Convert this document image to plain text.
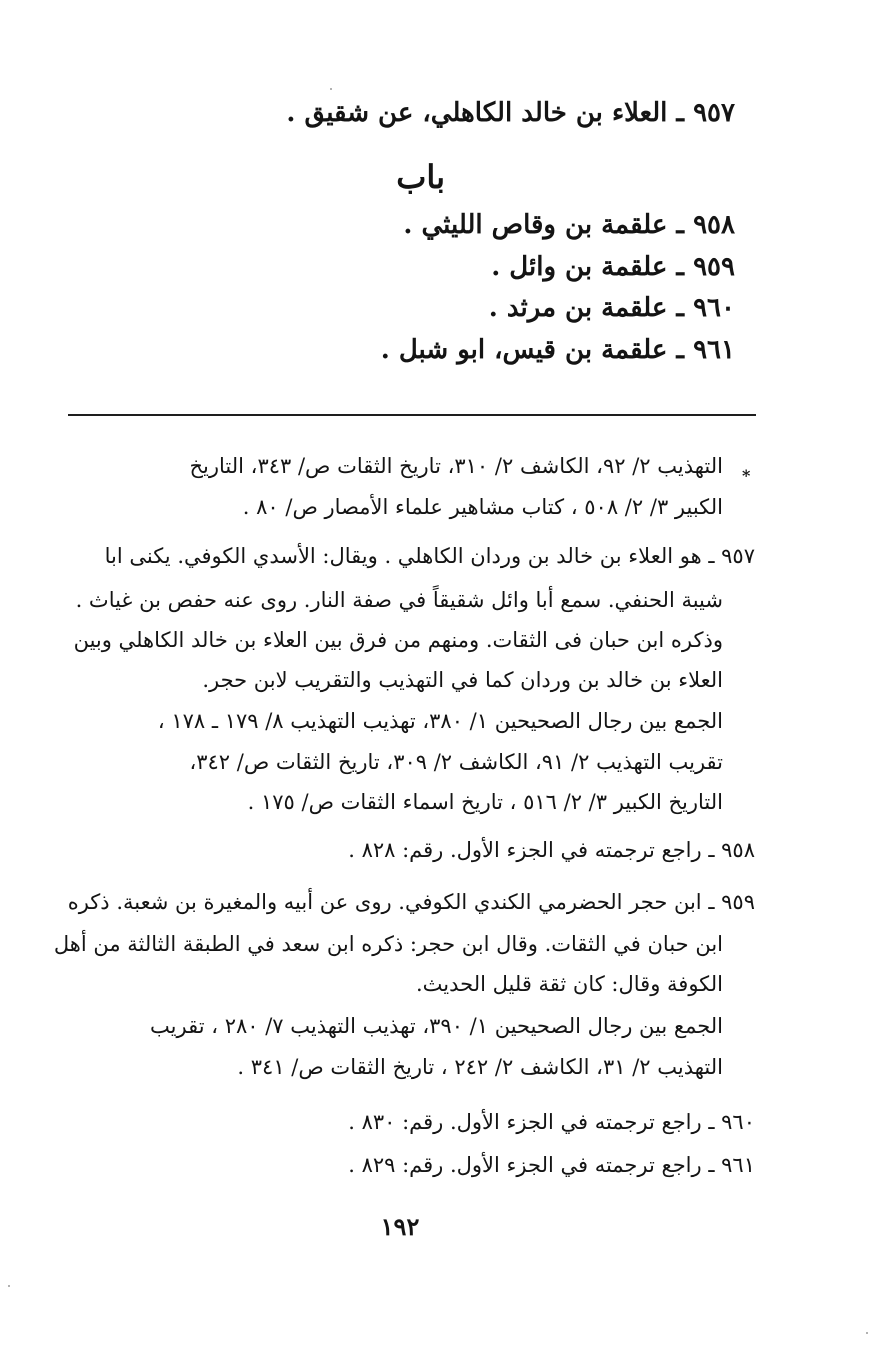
٩٥٧ ـ العلاء بن خالد الكاهلي، عن شقيق .
باب
٩٥٨ ـ علقمة بن وقاص الليثي .
٩٥٩ ـ علقمة بن وائل .
٩٦٠ ـ علقمة بن مرثد .
٩٦١ ـ علقمة بن قيس، ابو شبل .
*
التهذيب ٢/ ٩٢، الكاشف ٢/ ٣١٠، تاريخ الثقات ص/ ٣٤٣، التاريخ
الكبير ٣/ ٢/ ٥٠٨ ، كتاب مشاهير علماء الأمصار ص/ ٨٠ .
٩٥٧ ـ هو العلاء بن خالد بن وردان الكاهلي . ويقال: الأسدي الكوفي. يكنى ابا
شيبة الحنفي. سمع أبا وائل شقيقاً في صفة النار. روى عنه حفص بن غياث .
وذكره ابن حبان فى الثقات. ومنهم من فرق بين العلاء بن خالد الكاهلي وبين
العلاء بن خالد بن وردان كما في التهذيب والتقريب لابن حجر.
الجمع بين رجال الصحيحين ١/ ٣٨٠، تهذيب التهذيب ٨/ ١٧٩ ـ ١٧٨ ،
تقريب التهذيب ٢/ ٩١، الكاشف ٢/ ٣٠٩، تاريخ الثقات ص/ ٣٤٢،
التاريخ الكبير ٣/ ٢/ ٥١٦ ، تاريخ اسماء الثقات ص/ ١٧٥ .
٩٥٨ ـ راجع ترجمته في الجزء الأول. رقم: ٨٢٨ .
٩٥٩ ـ ابن حجر الحضرمي الكندي الكوفي. روى عن أبيه والمغيرة بن شعبة. ذكره
ابن حبان في الثقات. وقال ابن حجر: ذكره ابن سعد في الطبقة الثالثة من أهل
الكوفة وقال: كان ثقة قليل الحديث.
الجمع بين رجال الصحيحين ١/ ٣٩٠، تهذيب التهذيب ٧/ ٢٨٠ ، تقريب
التهذيب ٢/ ٣١، الكاشف ٢/ ٢٤٢ ، تاريخ الثقات ص/ ٣٤١ .
٩٦٠ ـ راجع ترجمته في الجزء الأول. رقم: ٨٣٠ .
٩٦١ ـ راجع ترجمته في الجزء الأول. رقم: ٨٢٩ .
١٩٢
